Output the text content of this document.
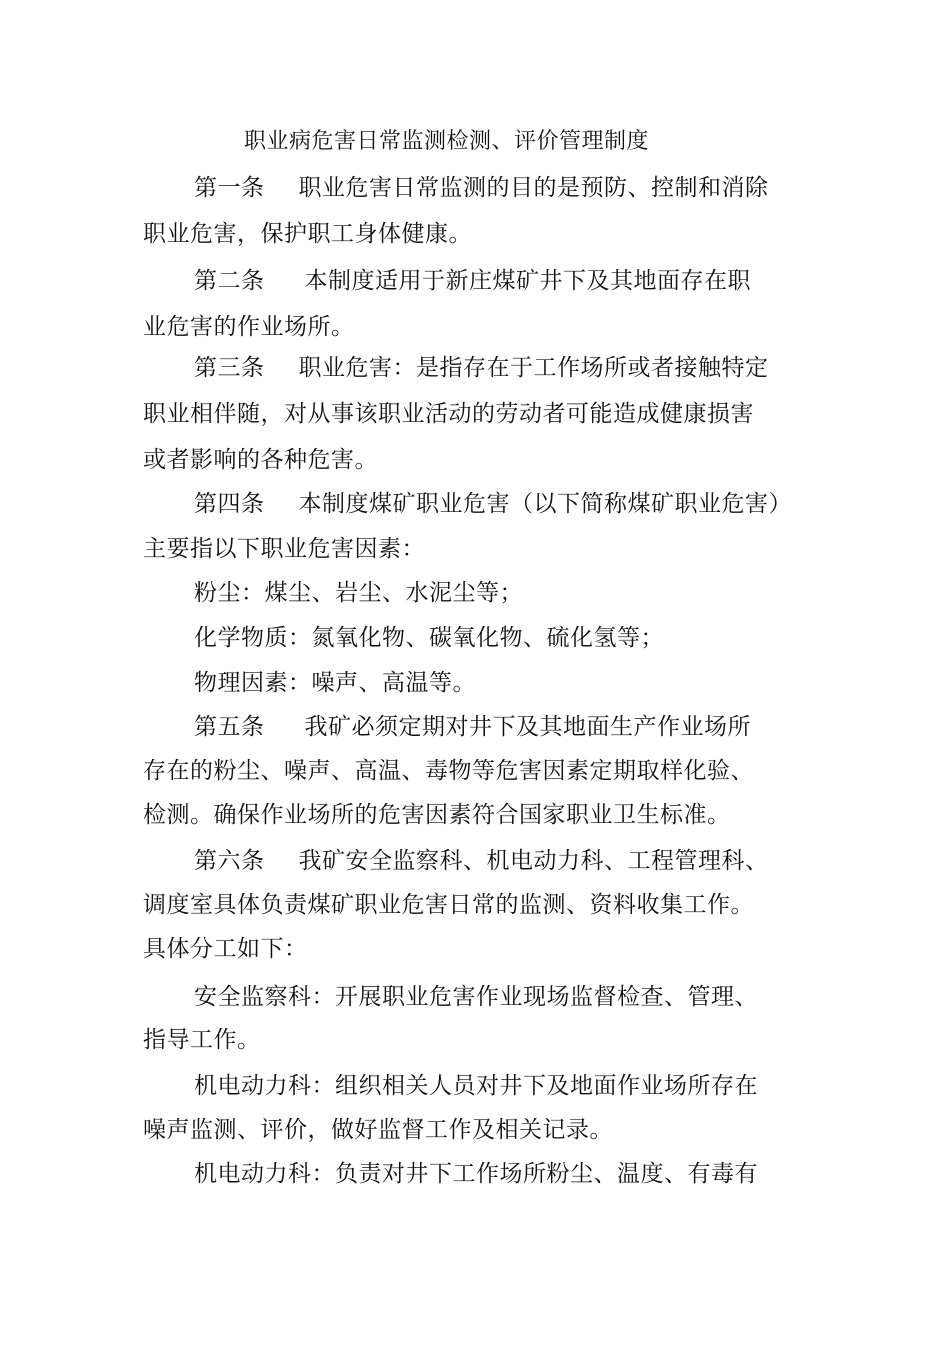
职业病危害日常监测检测、评价管理制度
第一条 职业危害日常监测的目的是预防、控制和消除
职业危害，保护职工身体健康。
第二条 本制度适用于新庄煤矿井下及其地面存在职
业危害的作业场所。
第三条 职业危害：是指存在于工作场所或者接触特定
职业相伴随，对从事该职业活动的劳动者可能造成健康损害
或者影响的各种危害。
第四条 本制度煤矿职业危害（以下简称煤矿职业危害）
主要指以下职业危害因素：
粉尘：煤尘、岩尘、水泥尘等；
化学物质：氮氧化物、碳氧化物、硫化氢等；
物理因素：噪声、高温等。
第五条 我矿必须定期对井下及其地面生产作业场所
存在的粉尘、噪声、高温、毒物等危害因素定期取样化验、
检测。确保作业场所的危害因素符合国家职业卫生标准。
第六条 我矿安全监察科、机电动力科、工程管理科、
调度室具体负责煤矿职业危害日常的监测、资料收集工作。
具体分工如下：
安全监察科：开展职业危害作业现场监督检查、管理、
指导工作。
机电动力科：组织相关人员对井下及地面作业场所存在
噪声监测、评价，做好监督工作及相关记录。
机电动力科：负责对井下工作场所粉尘、温度、有毒有
